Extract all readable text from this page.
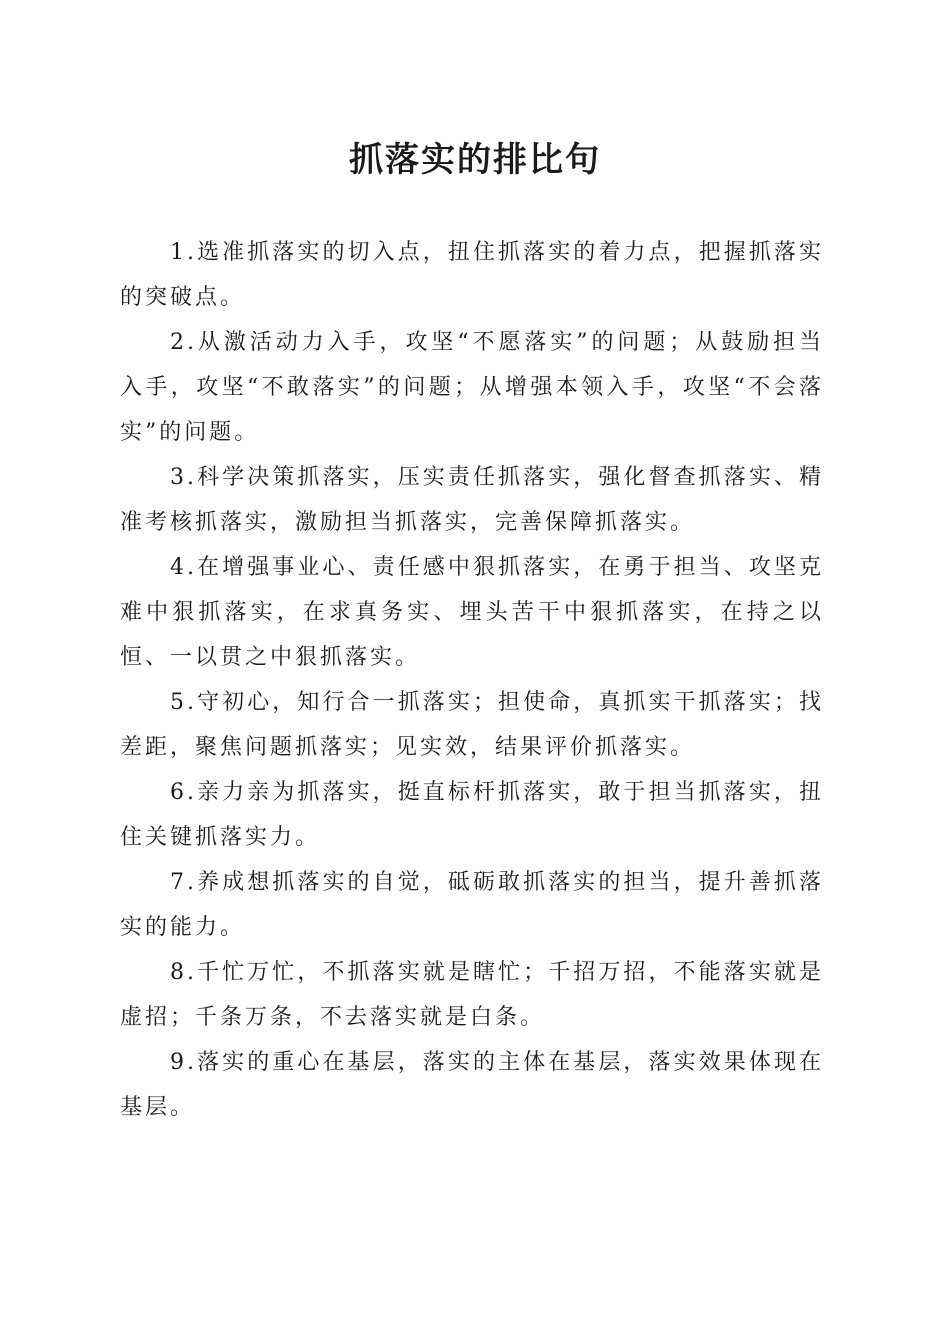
抓落实的排比句

1.选准抓落实的切入点，扭住抓落实的着力点，把握抓落实的突破点。

2.从激活动力入手，攻坚“不愿落实”的问题；从鼓励担当入手，攻坚“不敢落实”的问题；从增强本领入手，攻坚“不会落实”的问题。

3.科学决策抓落实，压实责任抓落实，强化督查抓落实、精准考核抓落实，激励担当抓落实，完善保障抓落实。

4.在增强事业心、责任感中狠抓落实，在勇于担当、攻坚克难中狠抓落实，在求真务实、埋头苦干中狠抓落实，在持之以恒、一以贯之中狠抓落实。

5.守初心，知行合一抓落实；担使命，真抓实干抓落实；找差距，聚焦问题抓落实；见实效，结果评价抓落实。

6.亲力亲为抓落实，挺直标杆抓落实，敢于担当抓落实，扭住关键抓落实力。

7.养成想抓落实的自觉，砥砺敢抓落实的担当，提升善抓落实的能力。

8.千忙万忙，不抓落实就是瞎忙；千招万招，不能落实就是虚招；千条万条，不去落实就是白条。

9.落实的重心在基层，落实的主体在基层，落实效果体现在基层。
